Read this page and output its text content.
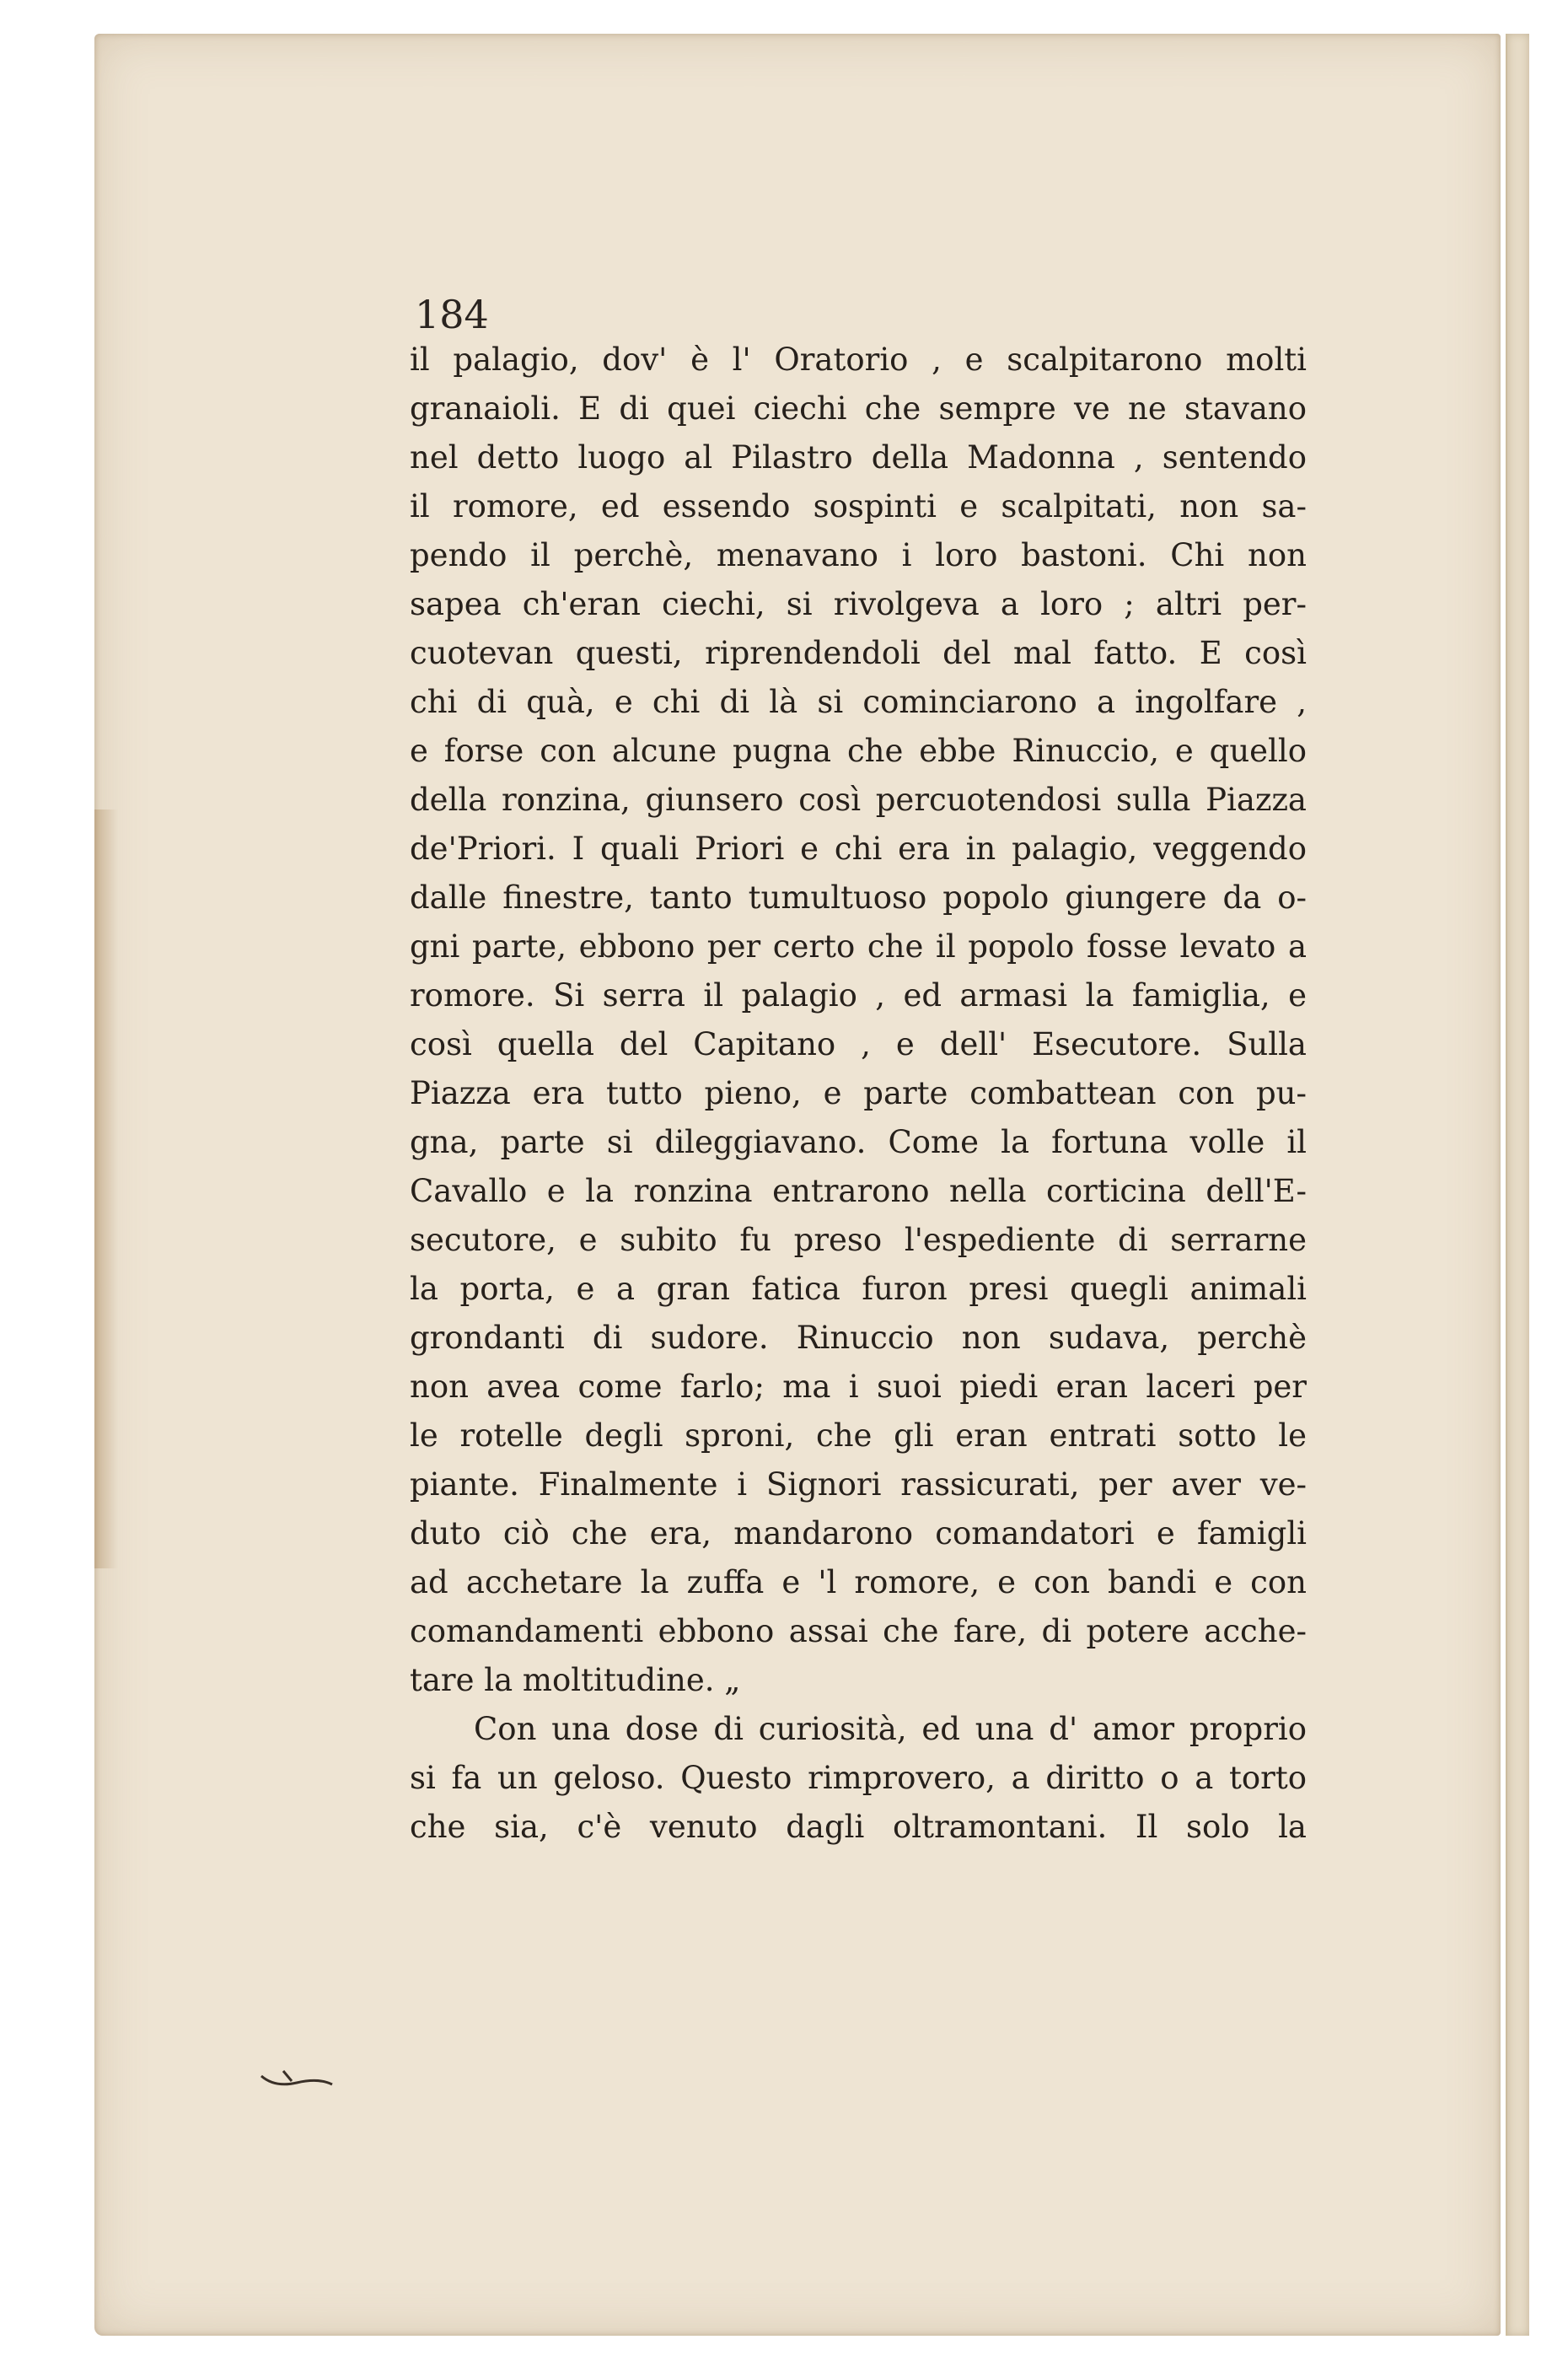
184
il palagio, dov' è l' Oratorio , e scalpitarono molti
granaioli. E di quei ciechi che sempre ve ne stavano
nel detto luogo al Pilastro della Madonna , sentendo
il romore, ed essendo sospinti e scalpitati, non sa-
pendo il perchè, menavano i loro bastoni. Chi non
sapea ch'eran ciechi, si rivolgeva a loro ; altri per-
cuotevan questi, riprendendoli del mal fatto. E così
chi di quà, e chi di là si cominciarono a ingolfare ,
e forse con alcune pugna che ebbe Rinuccio, e quello
della ronzina, giunsero così percuotendosi sulla Piazza
de'Priori. I quali Priori e chi era in palagio, veggendo
dalle finestre, tanto tumultuoso popolo giungere da o-
gni parte, ebbono per certo che il popolo fosse levato a
romore. Si serra il palagio , ed armasi la famiglia, e
così quella del Capitano , e dell' Esecutore. Sulla
Piazza era tutto pieno, e parte combattean con pu-
gna, parte si dileggiavano. Come la fortuna volle il
Cavallo e la ronzina entrarono nella corticina dell'E-
secutore, e subito fu preso l'espediente di serrarne
la porta, e a gran fatica furon presi quegli animali
grondanti di sudore. Rinuccio non sudava, perchè
non avea come farlo; ma i suoi piedi eran laceri per
le rotelle degli sproni, che gli eran entrati sotto le
piante. Finalmente i Signori rassicurati, per aver ve-
duto ciò che era, mandarono comandatori e famigli
ad acchetare la zuffa e 'l romore, e con bandi e con
comandamenti ebbono assai che fare, di potere acche-
tare la moltitudine. „
Con una dose di curiosità, ed una d' amor proprio
si fa un geloso. Questo rimprovero, a diritto o a torto
che sia, c'è venuto dagli oltramontani. Il solo la
